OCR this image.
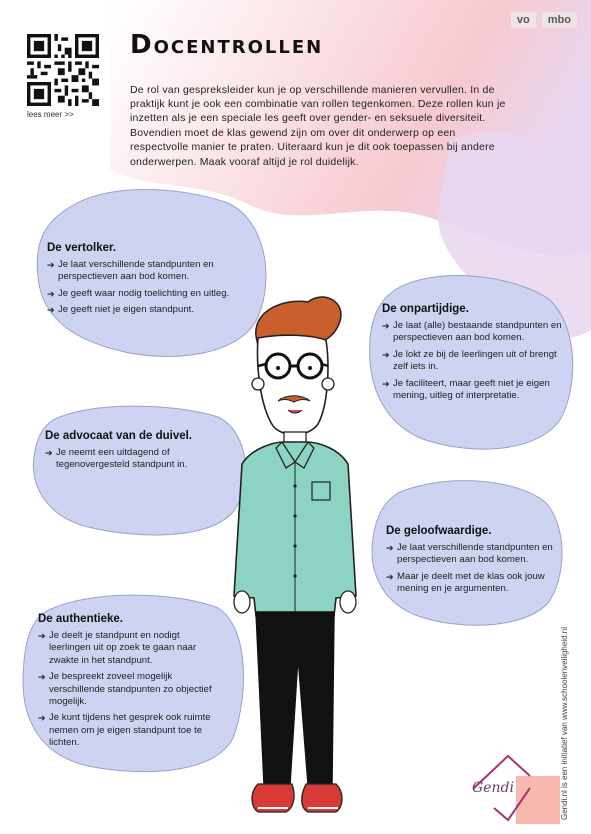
vo	mbo
lees meer >>
Docentrollen

De rol van gespreksleider kun je op verschillende manieren vervullen. In de praktijk kunt je ook een combinatie van rollen tegenkomen. Deze rollen kun je inzetten als je een speciale les geeft over gender- en seksuele diversiteit. Bovendien moet de klas gewend zijn om over dit onderwerp op een respectvolle manier te praten. Uiteraard kun je dit ook toepassen bij andere onderwerpen. Maak vooraf altijd je rol duidelijk.

De vertolker.
➔ Je laat verschillende standpunten en perspectieven aan bod komen.
➔ Je geeft waar nodig toelichting en uitleg.
➔ Je geeft niet je eigen standpunt.	De onpartijdige.
➔ Je laat (alle) bestaande standpunten en perspectieven aan bod komen.
➔ Je lokt ze bij de leerlingen uit of brengt zelf iets in.
➔ Je faciliteert, maar geeft niet je eigen mening, uitleg of interpretatie.
De advocaat van de duivel.
➔ Je neemt een uitdagend of tegenovergesteld standpunt in.
De geloofwaardige.
➔ Je laat verschillende standpunten en perspectieven aan bod komen.
➔ Maar je deelt met de klas ook jouw mening en je argumenten.
De authentieke.
➔ Je deelt je standpunt en nodigt leerlingen uit op zoek te gaan naar zwakte in het standpunt.
➔ Je bespreekt zoveel mogelijk verschillende standpunten zo objectief mogelijk.
➔ Je kunt tijdens het gesprek ook ruimte nemen om je eigen standpunt toe te lichten.	Gendi.nl is een initiatief van www.schoolenveiligheid.nl
Gendi
